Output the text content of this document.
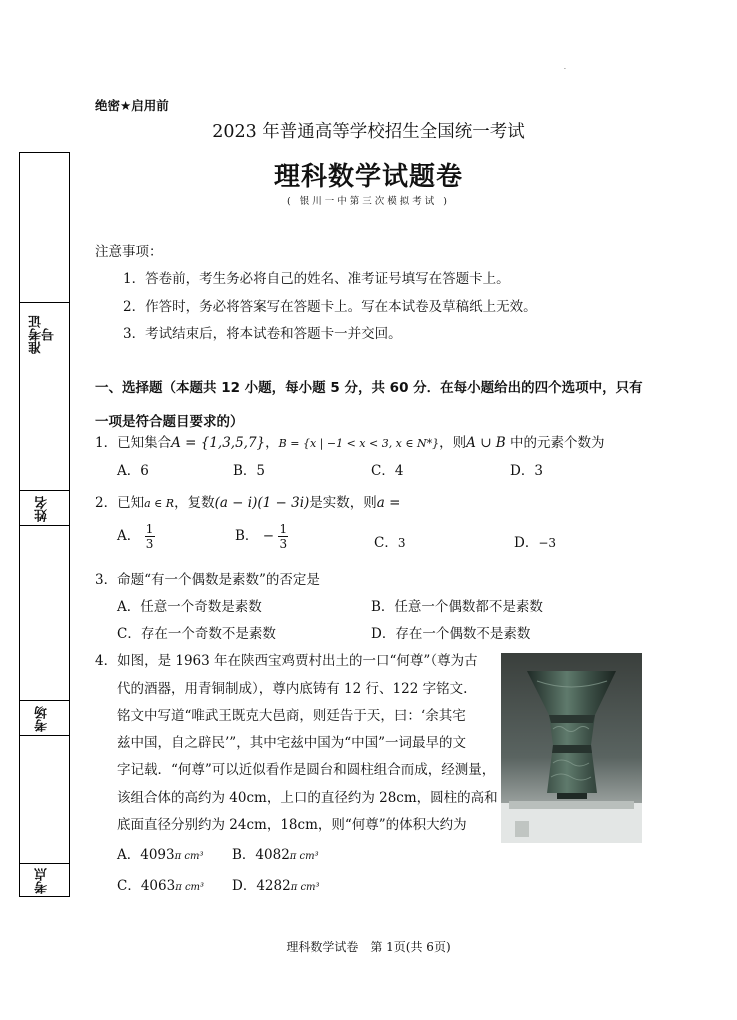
准考证号
姓名
考场
考点
·
绝密★启用前
2023 年普通高等学校招生全国统一考试
理科数学试题卷
( 银川一中第三次模拟考试 )
注意事项：
1．答卷前，考生务必将自己的姓名、准考证号填写在答题卡上。
2．作答时，务必将答案写在答题卡上。写在本试卷及草稿纸上无效。
3．考试结束后，将本试卷和答题卡一并交回。
一、选择题（本题共 12 小题，每小题 5 分，共 60 分．在每小题给出的四个选项中，只有一项是符合题目要求的）
1．已知集合A = {1,3,5,7}，B = {x | −1 < x < 3, x ∈ N*}，则A ∪ B 中的元素个数为
A．6	B．5	C．4	D．3
2．已知a ∈ R，复数(a − i)(1 − 3i)是实数，则a =
A． $\frac{1}{3}$	B． − $\frac{1}{3}$	C．3	D．−3
3．命题“有一个偶数是素数”的否定是
A．任意一个奇数是素数	B．任意一个偶数都不是素数
C．存在一个奇数不是素数	D．存在一个偶数不是素数
4．如图，是 1963 年在陕西宝鸡贾村出土的一口“何尊”（尊为古
代的酒器，用青铜制成），尊内底铸有 12 行、122 字铭文.
铭文中写道“唯武王既克大邑商，则廷告于天，曰：‘余其宅
兹中国，自之辟民’”，其中宅兹中国为“中国”一词最早的文
字记载．“何尊”可以近似看作是圆台和圆柱组合而成，经测量，
该组合体的高约为 40cm，上口的直径约为 28cm，圆柱的高和
底面直径分别约为 24cm，18cm，则“何尊”的体积大约为
A．4093π cm³ B．4082π cm³
C．4063π cm³ D．4282π cm³
理科数学试卷　第 1页(共 6页)
